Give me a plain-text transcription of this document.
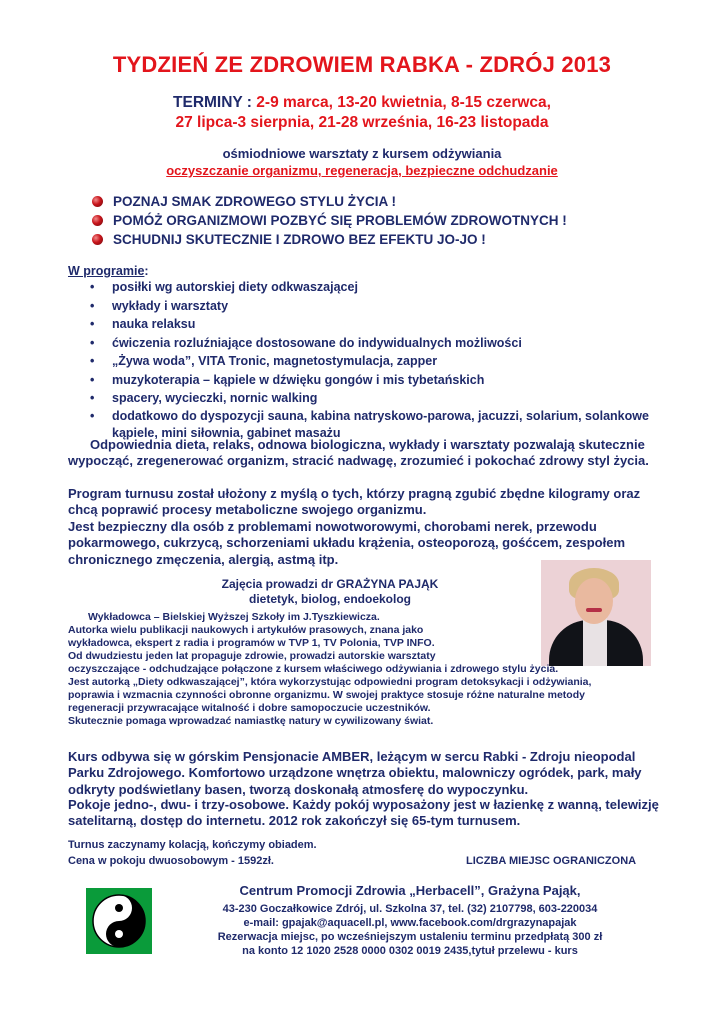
TYDZIEŃ ZE ZDROWIEM RABKA - ZDRÓJ 2013
TERMINY : 2-9 marca, 13-20 kwietnia, 8-15 czerwca,
27 lipca-3 sierpnia, 21-28 września, 16-23 listopada
ośmiodniowe warsztaty z kursem odżywiania
oczyszczanie organizmu, regeneracja, bezpieczne odchudzanie
POZNAJ SMAK ZDROWEGO STYLU ŻYCIA !
POMÓŻ ORGANIZMOWI POZBYĆ SIĘ PROBLEMÓW ZDROWOTNYCH !
SCHUDNIJ SKUTECZNIE I ZDROWO BEZ EFEKTU JO-JO !
W programie:
• posiłki wg autorskiej diety odkwaszającej
• wykłady i warsztaty
• nauka relaksu
• ćwiczenia rozluźniające dostosowane do indywidualnych możliwości
• „Żywa woda”, VITA Tronic, magnetostymulacja, zapper
• muzykoterapia – kąpiele w dźwięku gongów i mis tybetańskich
• spacery, wycieczki, nornic walking
• dodatkowo do dyspozycji sauna, kabina natryskowo-parowa, jacuzzi, solarium, solankowe kąpiele, mini siłownia, gabinet masażu
Odpowiednia dieta, relaks, odnowa biologiczna, wykłady i warsztaty pozwalają skutecznie wypocząć, zregenerować organizm, stracić nadwagę, zrozumieć i pokochać zdrowy styl życia.
Program turnusu został ułożony z myślą o tych, którzy pragną zgubić zbędne kilogramy oraz chcą poprawić procesy metaboliczne swojego organizmu.
Jest bezpieczny dla osób z problemami nowotworowymi, chorobami nerek, przewodu pokarmowego, cukrzycą, schorzeniami układu krążenia, osteoporozą, gośćcem, zespołem chronicznego zmęczenia, alergią, astmą itp.
Zajęcia prowadzi dr GRAŻYNA PAJĄK
dietetyk, biolog, endoekolog
Wykładowca – Bielskiej Wyższej Szkoły im J.Tyszkiewicza.
Autorka wielu publikacji naukowych i artykułów prasowych, znana jako
wykładowca, ekspert z radia i programów w TVP 1, TV Polonia, TVP INFO.
Od dwudziestu jeden lat propaguje zdrowie, prowadzi autorskie warsztaty
oczyszczające - odchudzające połączone z kursem właściwego odżywiania i zdrowego stylu życia.
Jest autorką „Diety odkwaszającej”, która wykorzystując odpowiedni program detoksykacji i odżywiania,
poprawia i wzmacnia czynności obronne organizmu. W swojej praktyce stosuje różne naturalne metody
regeneracji przywracające witalność i dobre samopoczucie uczestników.
Skutecznie pomaga wprowadzać namiastkę natury w cywilizowany świat.
Kurs odbywa się w górskim Pensjonacie AMBER, leżącym w sercu Rabki - Zdroju nieopodal Parku Zdrojowego. Komfortowo urządzone wnętrza obiektu, malowniczy ogródek, park, mały odkryty podświetlany basen, tworzą doskonałą atmosferę do wypoczynku.
Pokoje jedno-, dwu- i trzy-osobowe. Każdy pokój wyposażony jest w łazienkę z wanną, telewizję satelitarną, dostęp do internetu. 2012 rok zakończył się 65-tym turnusem.
Turnus zaczynamy kolacją, kończymy obiadem.
Cena w pokoju dwuosobowym - 1592zł.	LICZBA MIEJSC OGRANICZONA
Centrum Promocji Zdrowia „Herbacell”, Grażyna Pająk,
43-230 Goczałkowice Zdrój, ul. Szkolna 37, tel. (32) 2107798, 603-220034
e-mail: gpajak@aquacell.pl, www.facebook.com/drgrazynapajak
Rezerwacja miejsc, po wcześniejszym ustaleniu terminu przedpłatą 300 zł
na konto 12 1020 2528 0000 0302 0019 2435,tytuł przelewu - kurs
